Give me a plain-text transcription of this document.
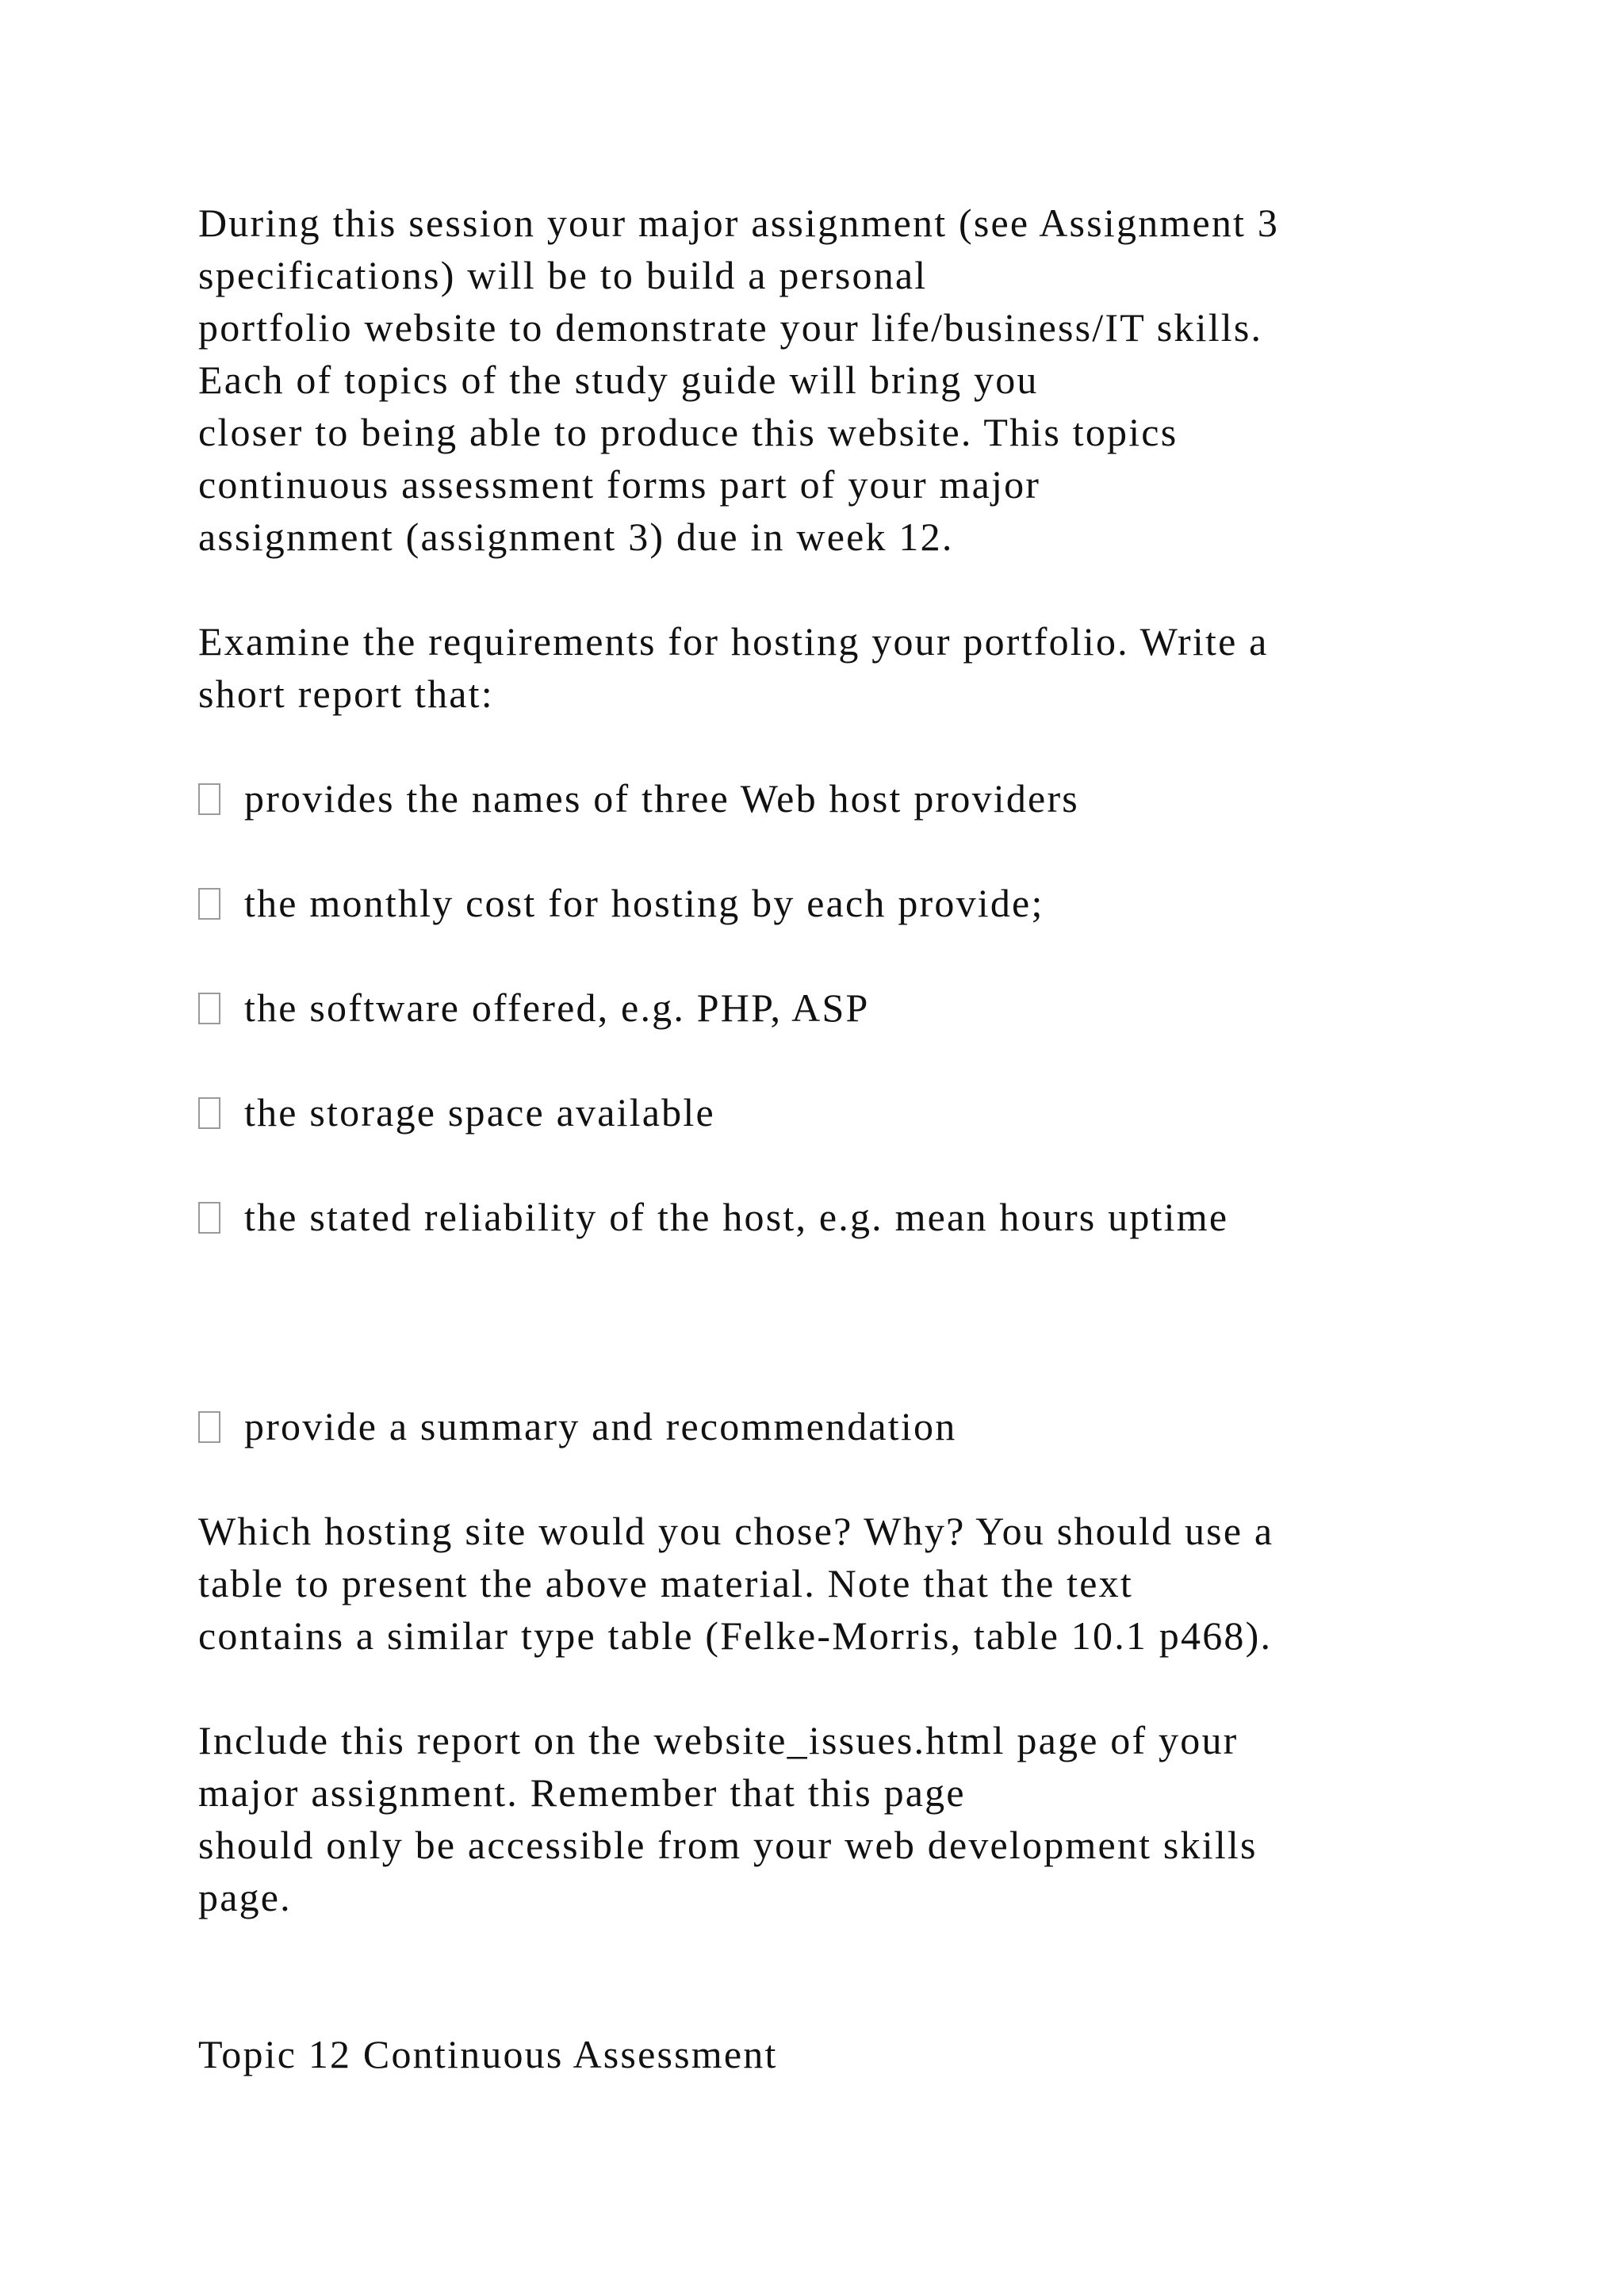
During this session your major assignment (see Assignment 3
specifications) will be to build a personal
portfolio website to demonstrate your life/business/IT skills.
Each of topics of the study guide will bring you
closer to being able to produce this website. This topics
continuous assessment forms part of your major
assignment (assignment 3) due in week 12.
Examine the requirements for hosting your portfolio. Write a
short report that:
provides the names of three Web host providers
the monthly cost for hosting by each provide;
the software offered, e.g. PHP, ASP
the storage space available
the stated reliability of the host, e.g. mean hours uptime
provide a summary and recommendation
Which hosting site would you chose? Why? You should use a
table to present the above material. Note that the text
contains a similar type table (Felke-Morris, table 10.1 p468).
Include this report on the website_issues.html page of your
major assignment. Remember that this page
should only be accessible from your web development skills
page.
Topic 12 Continuous Assessment
